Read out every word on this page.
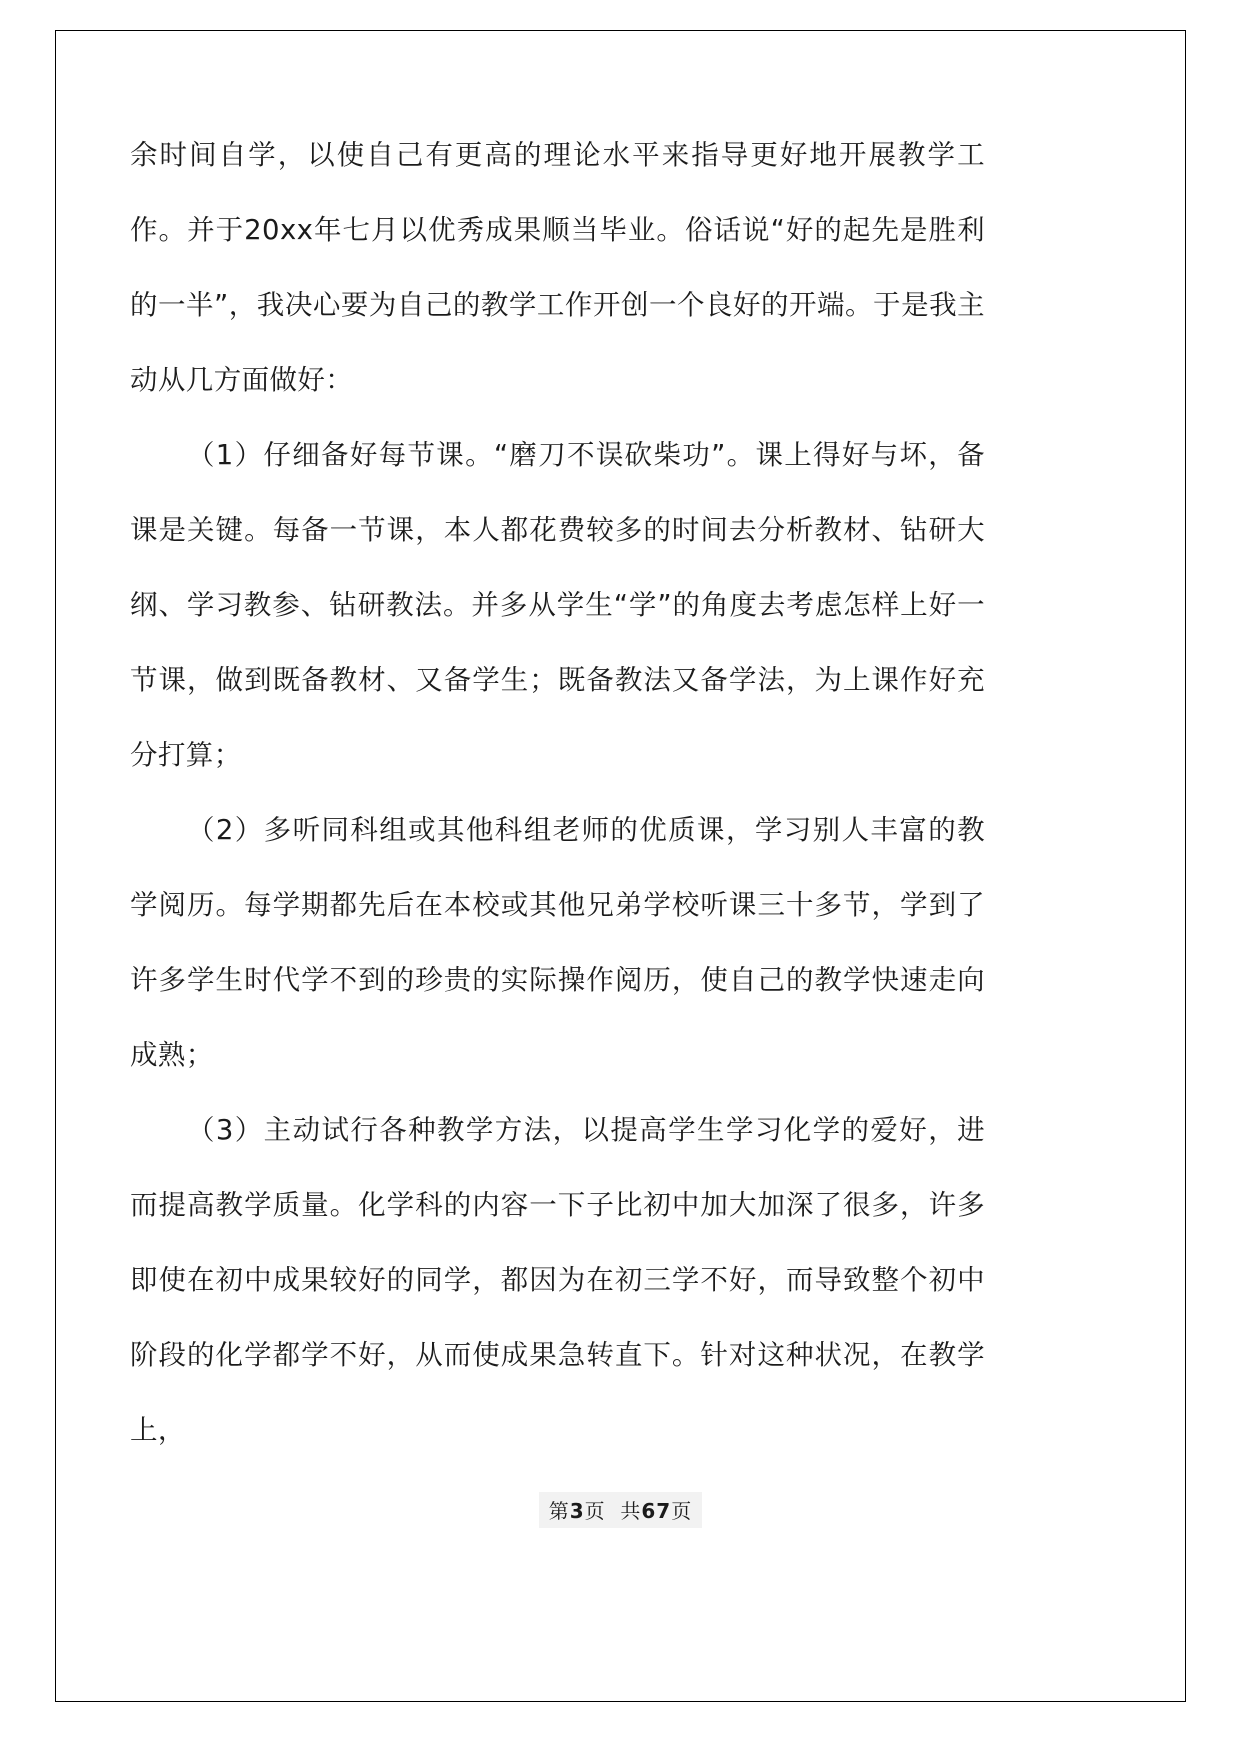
余时间自学，以使自己有更高的理论水平来指导更好地开展教学工作。并于20xx年七月以优秀成果顺当毕业。俗话说“好的起先是胜利的一半”，我决心要为自己的教学工作开创一个良好的开端。于是我主动从几方面做好：

（1）仔细备好每节课。“磨刀不误砍柴功”。课上得好与坏，备课是关键。每备一节课，本人都花费较多的时间去分析教材、钻研大纲、学习教参、钻研教法。并多从学生“学”的角度去考虑怎样上好一节课，做到既备教材、又备学生；既备教法又备学法，为上课作好充分打算；

（2）多听同科组或其他科组老师的优质课，学习别人丰富的教学阅历。每学期都先后在本校或其他兄弟学校听课三十多节，学到了许多学生时代学不到的珍贵的实际操作阅历，使自己的教学快速走向成熟；

（3）主动试行各种教学方法，以提高学生学习化学的爱好，进而提高教学质量。化学科的内容一下子比初中加大加深了很多，许多即使在初中成果较好的同学，都因为在初三学不好，而导致整个初中阶段的化学都学不好，从而使成果急转直下。针对这种状况，在教学上，

第3页 共67页
